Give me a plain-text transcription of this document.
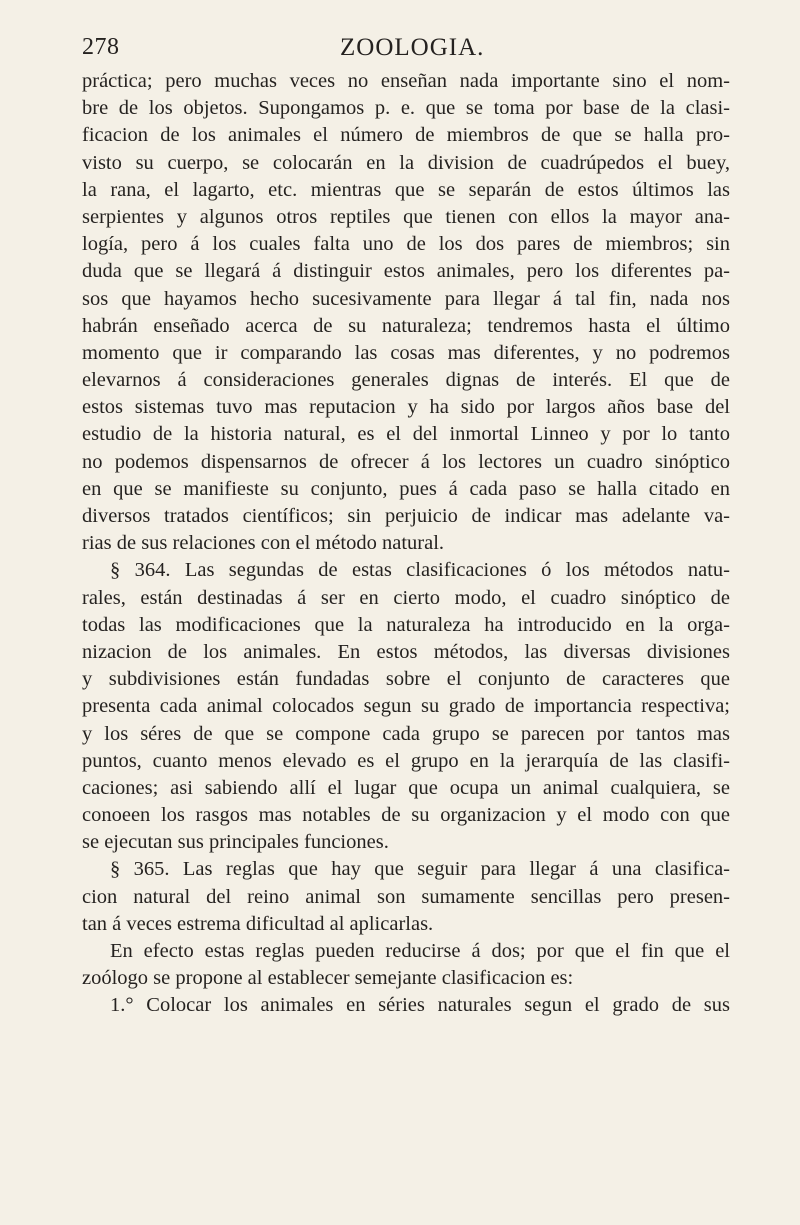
278	ZOOLOGIA.
práctica; pero muchas veces no enseñan nada importante sino el nom-
bre de los objetos. Supongamos p. e. que se toma por base de la clasi-
ficacion de los animales el número de miembros de que se halla pro-
visto su cuerpo, se colocarán en la division de cuadrúpedos el buey,
la rana, el lagarto, etc. mientras que se separán de estos últimos las
serpientes y algunos otros reptiles que tienen con ellos la mayor ana-
logía, pero á los cuales falta uno de los dos pares de miembros; sin
duda que se llegará á distinguir estos animales, pero los diferentes pa-
sos que hayamos hecho sucesivamente para llegar á tal fin, nada nos
habrán enseñado acerca de su naturaleza; tendremos hasta el último
momento que ir comparando las cosas mas diferentes, y no podremos
elevarnos á consideraciones generales dignas de interés. El que de
estos sistemas tuvo mas reputacion y ha sido por largos años base del
estudio de la historia natural, es el del inmortal Linneo y por lo tanto
no podemos dispensarnos de ofrecer á los lectores un cuadro sinóptico
en que se manifieste su conjunto, pues á cada paso se halla citado en
diversos tratados científicos; sin perjuicio de indicar mas adelante va-
rias de sus relaciones con el método natural.
§ 364. Las segundas de estas clasificaciones ó los métodos natu-
rales, están destinadas á ser en cierto modo, el cuadro sinóptico de
todas las modificaciones que la naturaleza ha introducido en la orga-
nizacion de los animales. En estos métodos, las diversas divisiones
y subdivisiones están fundadas sobre el conjunto de caracteres que
presenta cada animal colocados segun su grado de importancia respectiva;
y los séres de que se compone cada grupo se parecen por tantos mas
puntos, cuanto menos elevado es el grupo en la jerarquía de las clasifi-
caciones; asi sabiendo allí el lugar que ocupa un animal cualquiera, se
conoeen los rasgos mas notables de su organizacion y el modo con que
se ejecutan sus principales funciones.
§ 365. Las reglas que hay que seguir para llegar á una clasifica-
cion natural del reino animal son sumamente sencillas pero presen-
tan á veces estrema dificultad al aplicarlas.
En efecto estas reglas pueden reducirse á dos; por que el fin que el
zoólogo se propone al establecer semejante clasificacion es:
1.° Colocar los animales en séries naturales segun el grado de sus
